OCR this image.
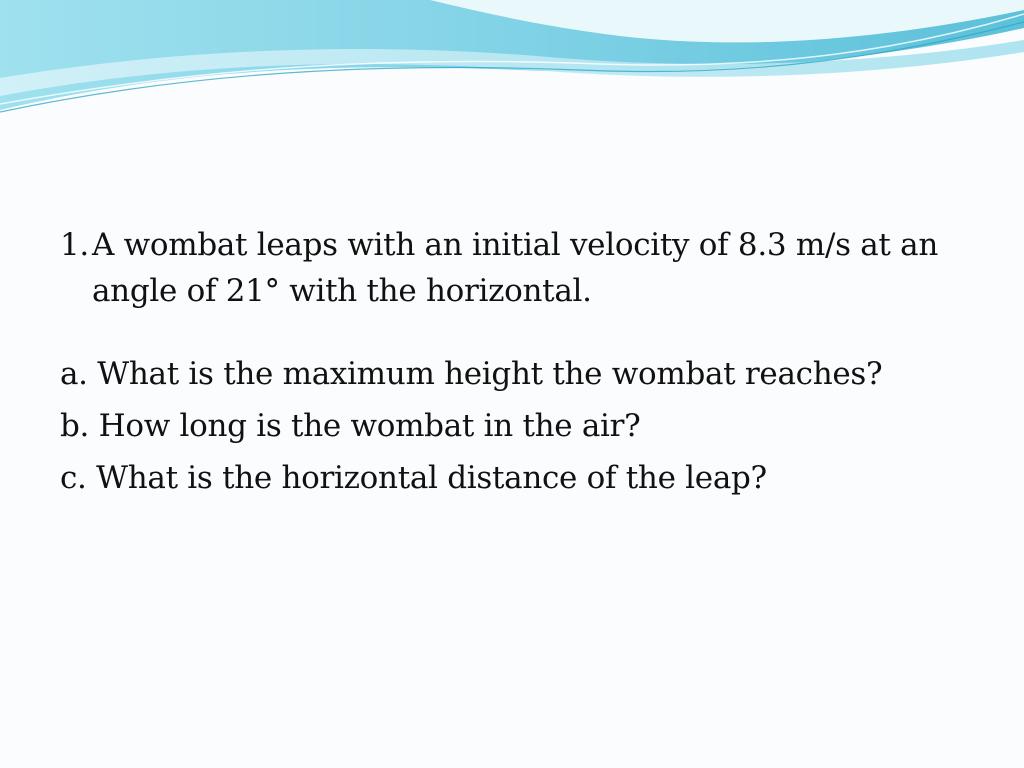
1. A wombat leaps with an initial velocity of 8.3 m/s at an angle of 21° with the horizontal.

a. What is the maximum height the wombat reaches?

b. How long is the wombat in the air?

c. What is the horizontal distance of the leap?
